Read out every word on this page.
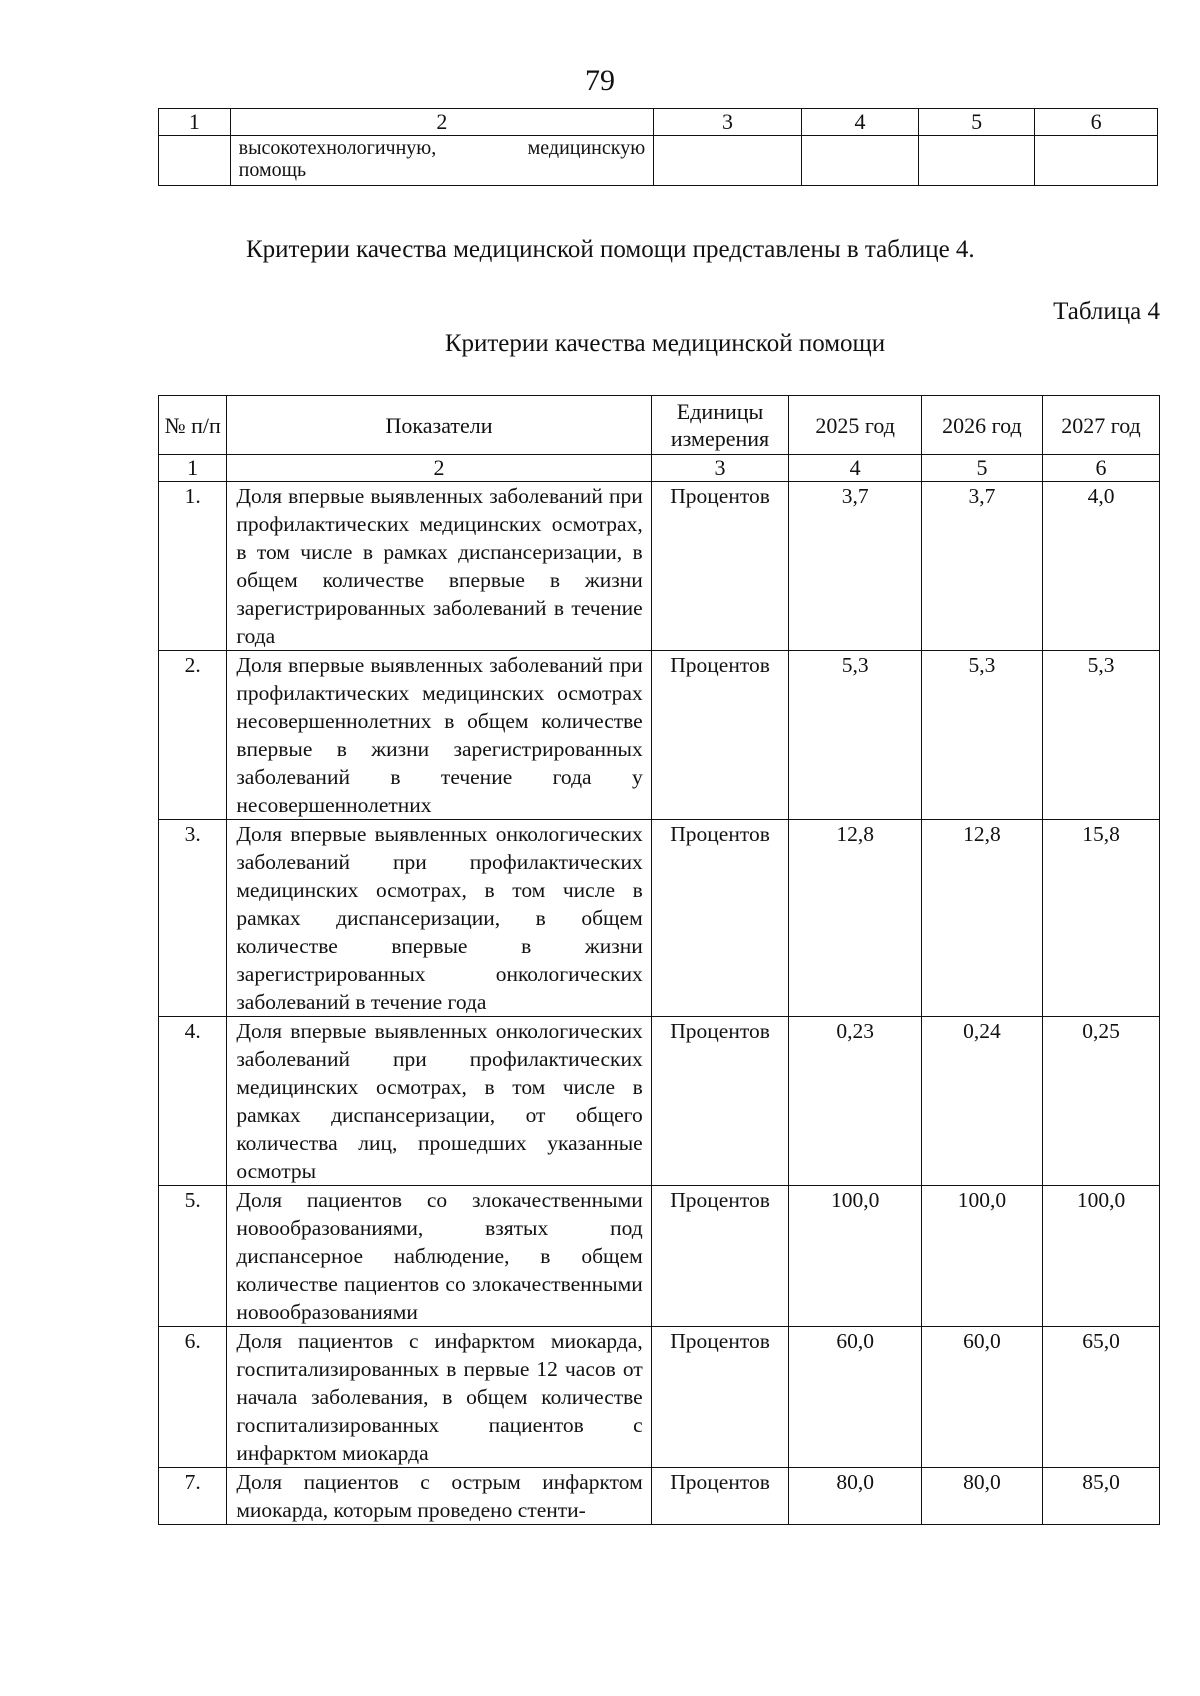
79
1	2	3	4	5	6
	высокотехнологичную, медицинскую
помощь				

Критерии качества медицинской помощи представлены в таблице 4.
Таблица 4
Критерии качества медицинской помощи
№ п/п	Показатели	Единицы измерения	2025 год	2026 год	2027 год
1	2	3	4	5	6
1.	Доля впервые выявленных заболеваний при профилактических медицинских осмотрах, в том числе в рамках диспансеризации, в общем количестве впервые в жизни зарегистрированных заболеваний в течение года	Процентов	3,7	3,7	4,0
2.	Доля впервые выявленных заболеваний при профилактических медицинских осмотрах несовершеннолетних в общем количестве впервые в жизни зарегистрированных заболеваний в течение года у несовершеннолетних	Процентов	5,3	5,3	5,3
3.	Доля впервые выявленных онкологических заболеваний при профилактических медицинских осмотрах, в том числе в рамках диспансеризации, в общем количестве впервые в жизни зарегистрированных онкологических заболеваний в течение года	Процентов	12,8	12,8	15,8
4.	Доля впервые выявленных онкологических заболеваний при профилактических медицинских осмотрах, в том числе в рамках диспансеризации, от общего количества лиц, прошедших указанные осмотры	Процентов	0,23	0,24	0,25
5.	Доля пациентов со злокачественными новообразованиями, взятых под диспансерное наблюдение, в общем количестве пациентов со злокачественными новообразованиями	Процентов	100,0	100,0	100,0
6.	Доля пациентов с инфарктом миокарда, госпитализированных в первые 12 часов от начала заболевания, в общем количестве госпитализированных пациентов с инфарктом миокарда	Процентов	60,0	60,0	65,0
7.	Доля пациентов с острым инфарктом миокарда, которым проведено стенти-	Процентов	80,0	80,0	85,0
